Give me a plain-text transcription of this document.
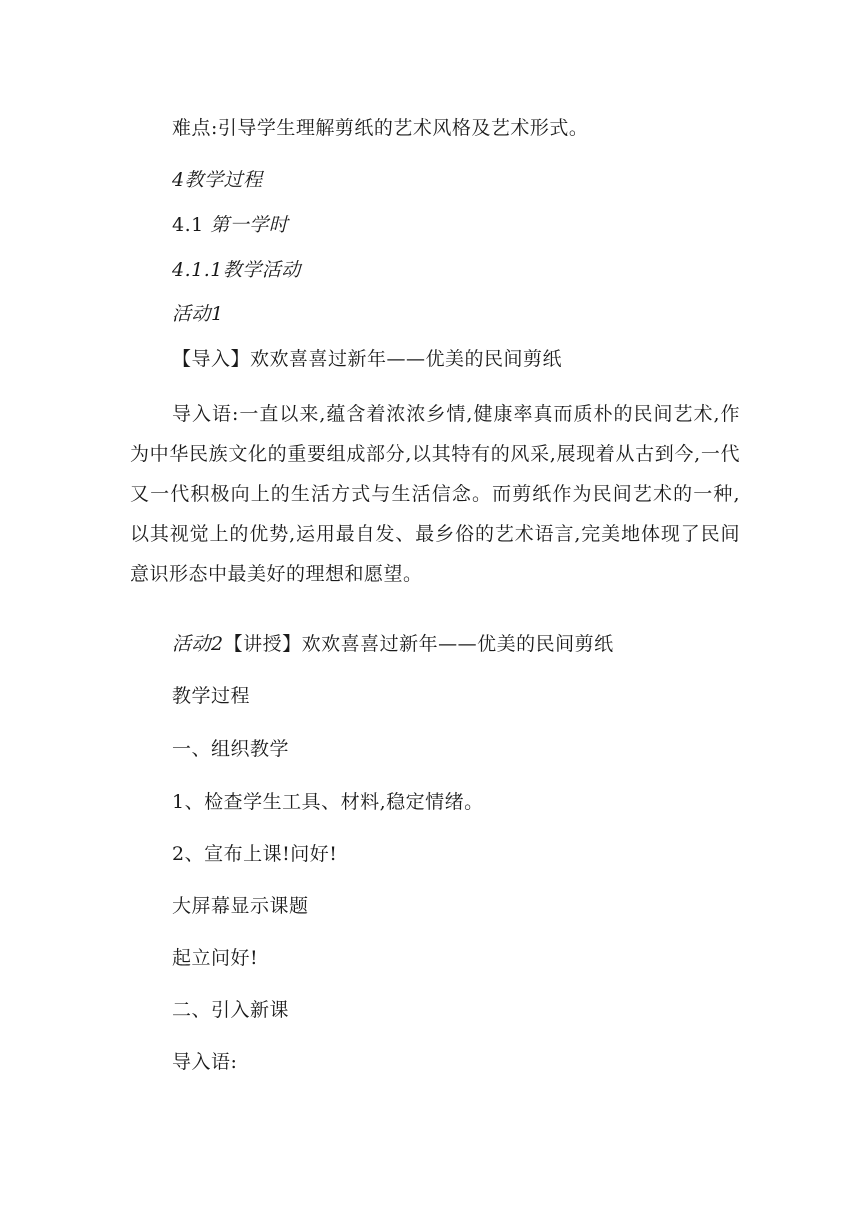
难点:引导学生理解剪纸的艺术风格及艺术形式。
4教学过程
4.1 第一学时
4.1.1教学活动
活动1
【导入】欢欢喜喜过新年——优美的民间剪纸
导入语:一直以来,蕴含着浓浓乡情,健康率真而质朴的民间艺术,作为中华民族文化的重要组成部分,以其特有的风采,展现着从古到今,一代又一代积极向上的生活方式与生活信念。而剪纸作为民间艺术的一种,以其视觉上的优势,运用最自发、最乡俗的艺术语言,完美地体现了民间意识形态中最美好的理想和愿望。
活动2【讲授】欢欢喜喜过新年——优美的民间剪纸
教学过程
一、组织教学
1、检查学生工具、材料,稳定情绪。
2、宣布上课!问好!
大屏幕显示课题
起立问好!
二、引入新课
导入语:
